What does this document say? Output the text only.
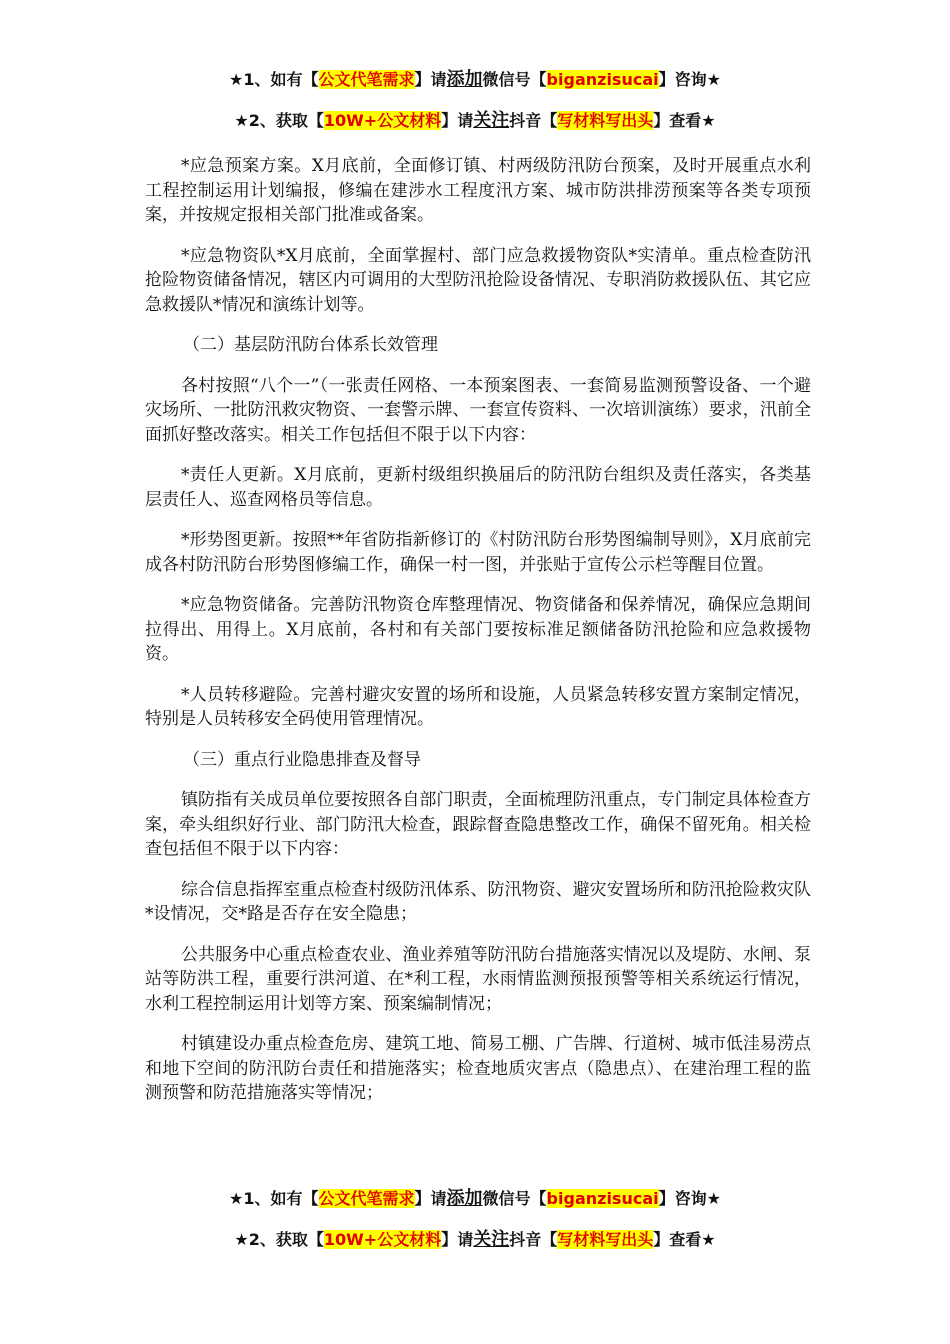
★1、如有【公文代笔需求】请添加微信号【biganzisucai】咨询★
★2、获取【10W+公文材料】请关注抖音【写材料写出头】查看★

*应急预案方案。X月底前，全面修订镇、村两级防汛防台预案，及时开展重点水利工程控制运用计划编报，修编在建涉水工程度汛方案、城市防洪排涝预案等各类专项预案，并按规定报相关部门批准或备案。

*应急物资队*X月底前，全面掌握村、部门应急救援物资队*实清单。重点检查防汛抢险物资储备情况，辖区内可调用的大型防汛抢险设备情况、专职消防救援队伍、其它应急救援队*情况和演练计划等。

（二）基层防汛防台体系长效管理

各村按照“八个一”（一张责任网格、一本预案图表、一套简易监测预警设备、一个避灾场所、一批防汛救灾物资、一套警示牌、一套宣传资料、一次培训演练）要求，汛前全面抓好整改落实。相关工作包括但不限于以下内容：

*责任人更新。X月底前，更新村级组织换届后的防汛防台组织及责任落实，各类基层责任人、巡查网格员等信息。

*形势图更新。按照**年省防指新修订的《村防汛防台形势图编制导则》，X月底前完成各村防汛防台形势图修编工作，确保一村一图，并张贴于宣传公示栏等醒目位置。

*应急物资储备。完善防汛物资仓库整理情况、物资储备和保养情况，确保应急期间拉得出、用得上。X月底前，各村和有关部门要按标准足额储备防汛抢险和应急救援物资。

*人员转移避险。完善村避灾安置的场所和设施，人员紧急转移安置方案制定情况，特别是人员转移安全码使用管理情况。

（三）重点行业隐患排查及督导

镇防指有关成员单位要按照各自部门职责，全面梳理防汛重点，专门制定具体检查方案，牵头组织好行业、部门防汛大检查，跟踪督查隐患整改工作，确保不留死角。相关检查包括但不限于以下内容：

综合信息指挥室重点检查村级防汛体系、防汛物资、避灾安置场所和防汛抢险救灾队*设情况，交*路是否存在安全隐患；

公共服务中心重点检查农业、渔业养殖等防汛防台措施落实情况以及堤防、水闸、泵站等防洪工程，重要行洪河道、在*利工程，水雨情监测预报预警等相关系统运行情况，水利工程控制运用计划等方案、预案编制情况；

村镇建设办重点检查危房、建筑工地、简易工棚、广告牌、行道树、城市低洼易涝点和地下空间的防汛防台责任和措施落实；检查地质灾害点（隐患点）、在建治理工程的监测预警和防范措施落实等情况；

★1、如有【公文代笔需求】请添加微信号【biganzisucai】咨询★
★2、获取【10W+公文材料】请关注抖音【写材料写出头】查看★
